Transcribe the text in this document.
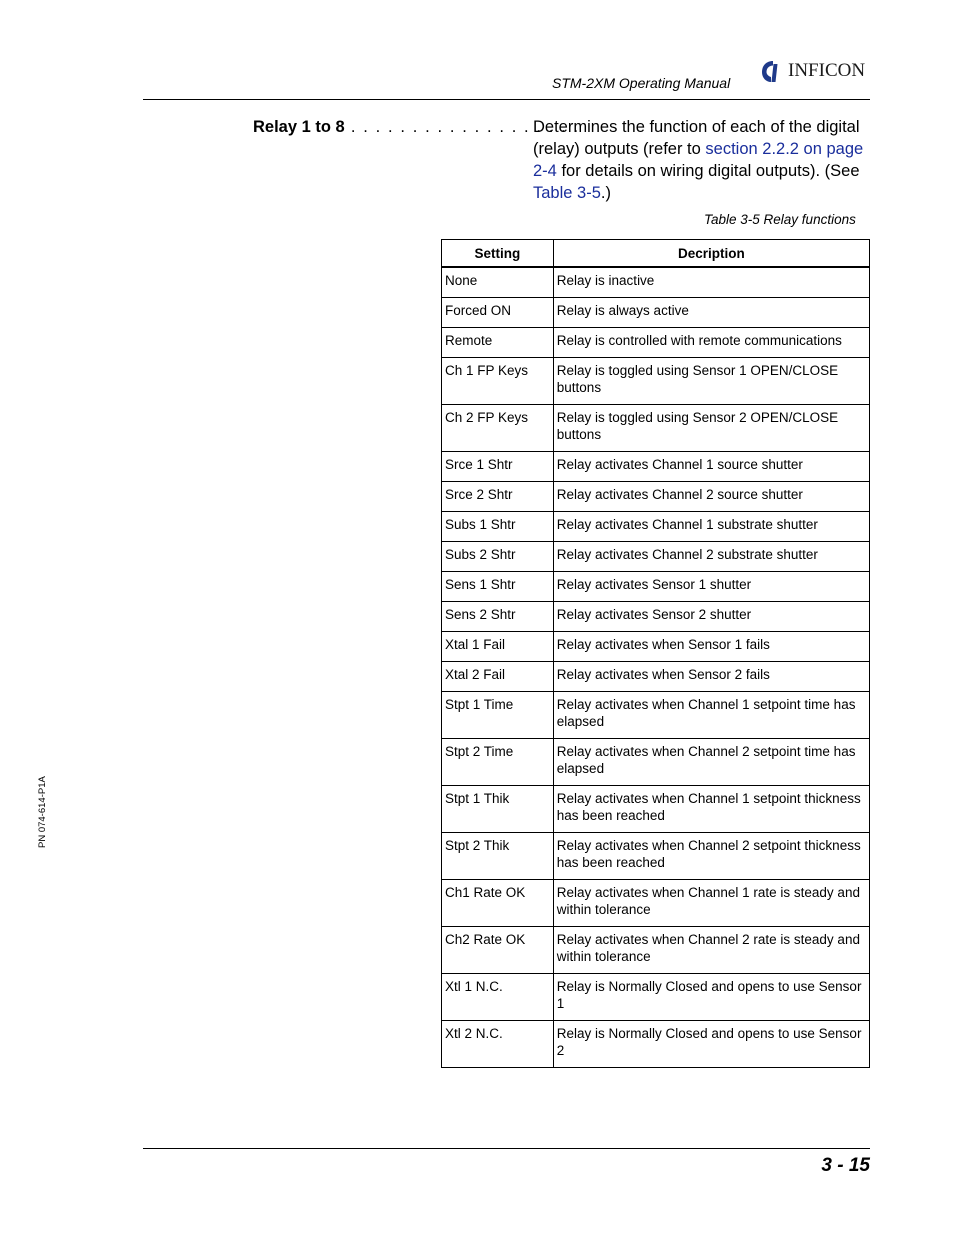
STM-2XM Operating Manual
INFICON
Relay 1 to 8 . . . . . . . . . . . . . . . . . . .
Determines the function of each of the digital (relay) outputs (refer to section 2.2.2 on page 2-4 for details on wiring digital outputs). (See Table 3-5.)
Table 3-5 Relay functions
Setting	Decription
None	Relay is inactive
Forced ON	Relay is always active
Remote	Relay is controlled with remote communications
Ch 1 FP Keys	Relay is toggled using Sensor 1 OPEN/CLOSE buttons
Ch 2 FP Keys	Relay is toggled using Sensor 2 OPEN/CLOSE buttons
Srce 1 Shtr	Relay activates Channel 1 source shutter
Srce 2 Shtr	Relay activates Channel 2 source shutter
Subs 1 Shtr	Relay activates Channel 1 substrate shutter
Subs 2 Shtr	Relay activates Channel 2 substrate shutter
Sens 1 Shtr	Relay activates Sensor 1 shutter
Sens 2 Shtr	Relay activates Sensor 2 shutter
Xtal 1 Fail	Relay activates when Sensor 1 fails
Xtal 2 Fail	Relay activates when Sensor 2 fails
Stpt 1 Time	Relay activates when Channel 1 setpoint time has elapsed
Stpt 2 Time	Relay activates when Channel 2 setpoint time has elapsed
Stpt 1 Thik	Relay activates when Channel 1 setpoint thickness has been reached
Stpt 2 Thik	Relay activates when Channel 2 setpoint thickness has been reached
Ch1 Rate OK	Relay activates when Channel 1 rate is steady and within tolerance
Ch2 Rate OK	Relay activates when Channel 2 rate is steady and within tolerance
Xtl 1 N.C.	Relay is Normally Closed and opens to use Sensor 1
Xtl 2 N.C.	Relay is Normally Closed and opens to use Sensor 2
PN 074-614-P1A
3 - 15
